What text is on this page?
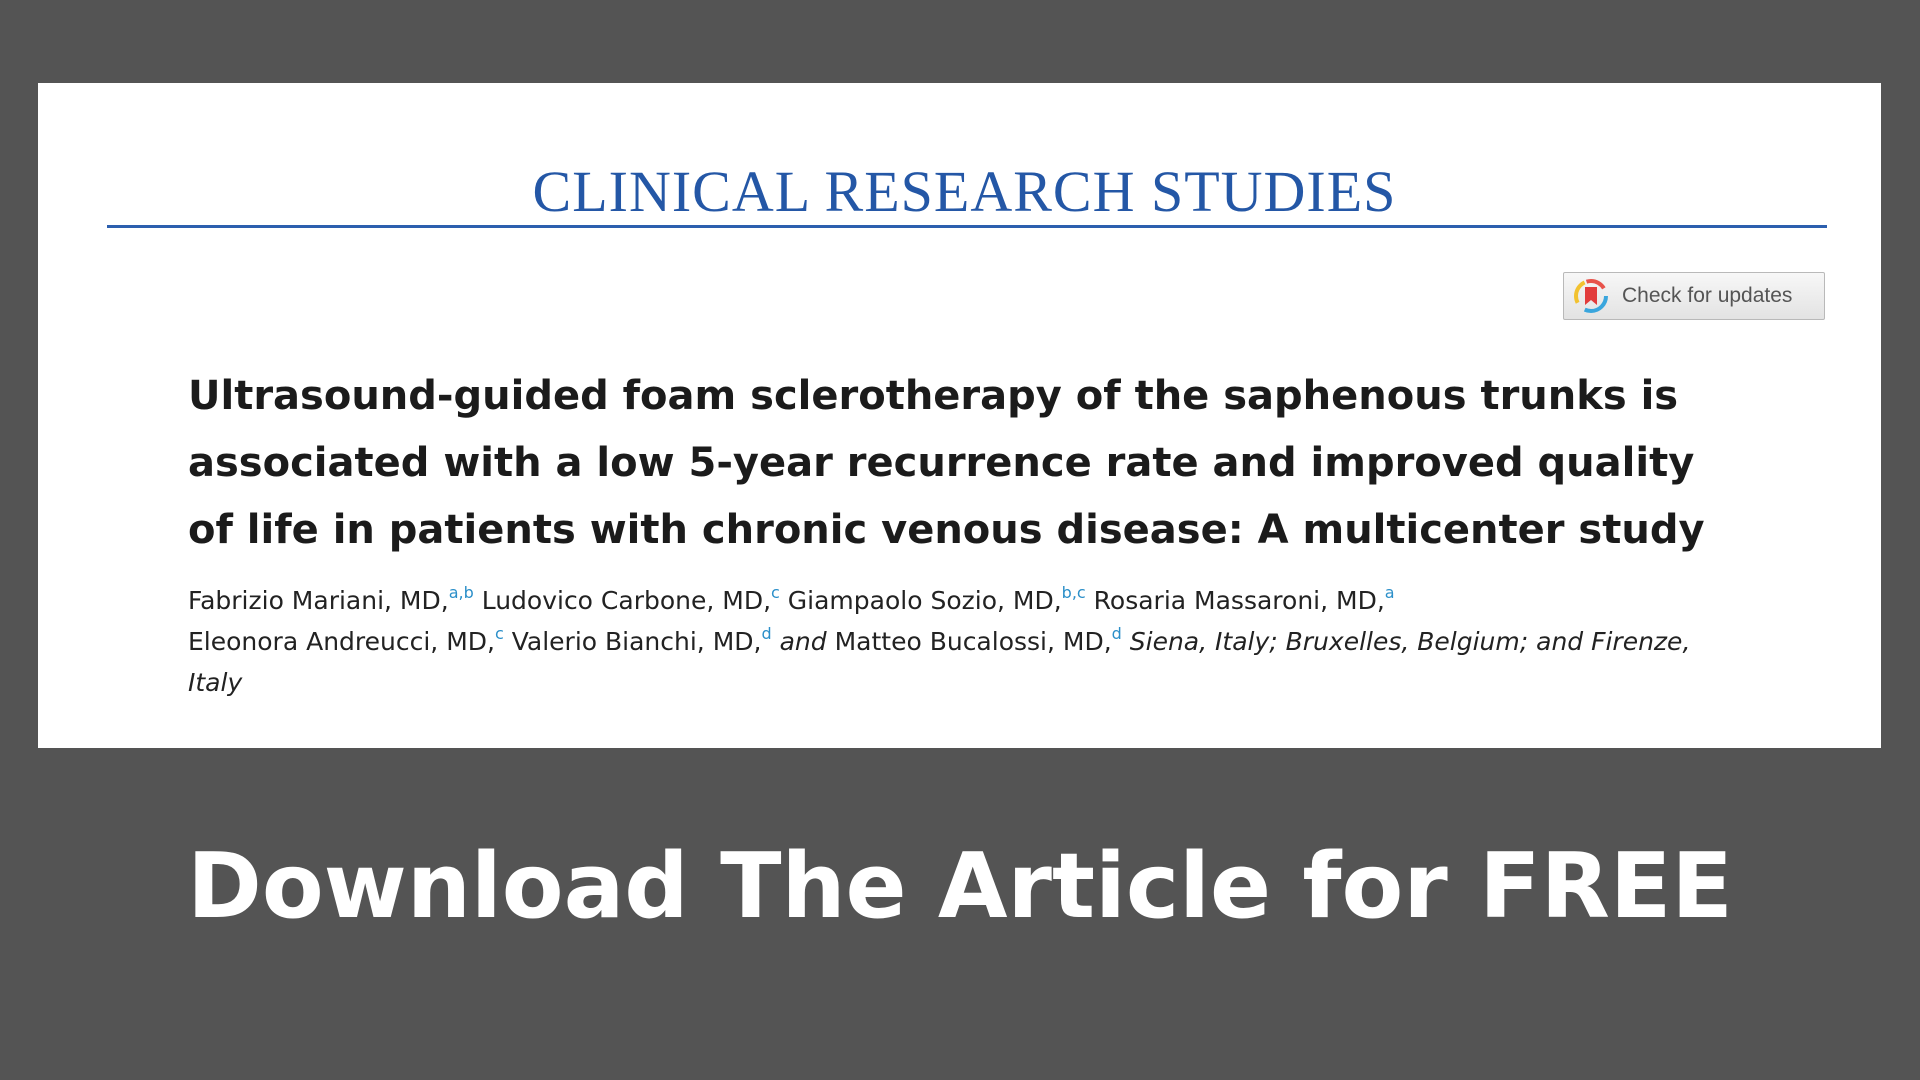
CLINICAL RESEARCH STUDIES
Check for updates
Ultrasound-guided foam sclerotherapy of the saphenous trunks is
associated with a low 5-year recurrence rate and improved quality
of life in patients with chronic venous disease: A multicenter study
Fabrizio Mariani, MD,$^{a,b}$ Ludovico Carbone, MD,$^c$ Giampaolo Sozio, MD,$^{b,c}$ Rosaria Massaroni, MD,$^a$
Eleonora Andreucci, MD,$^c$ Valerio Bianchi, MD,$^d$ and Matteo Bucalossi, MD,$^d$ Siena, Italy; Bruxelles, Belgium; and Firenze, Italy
Download The Article for FREE
